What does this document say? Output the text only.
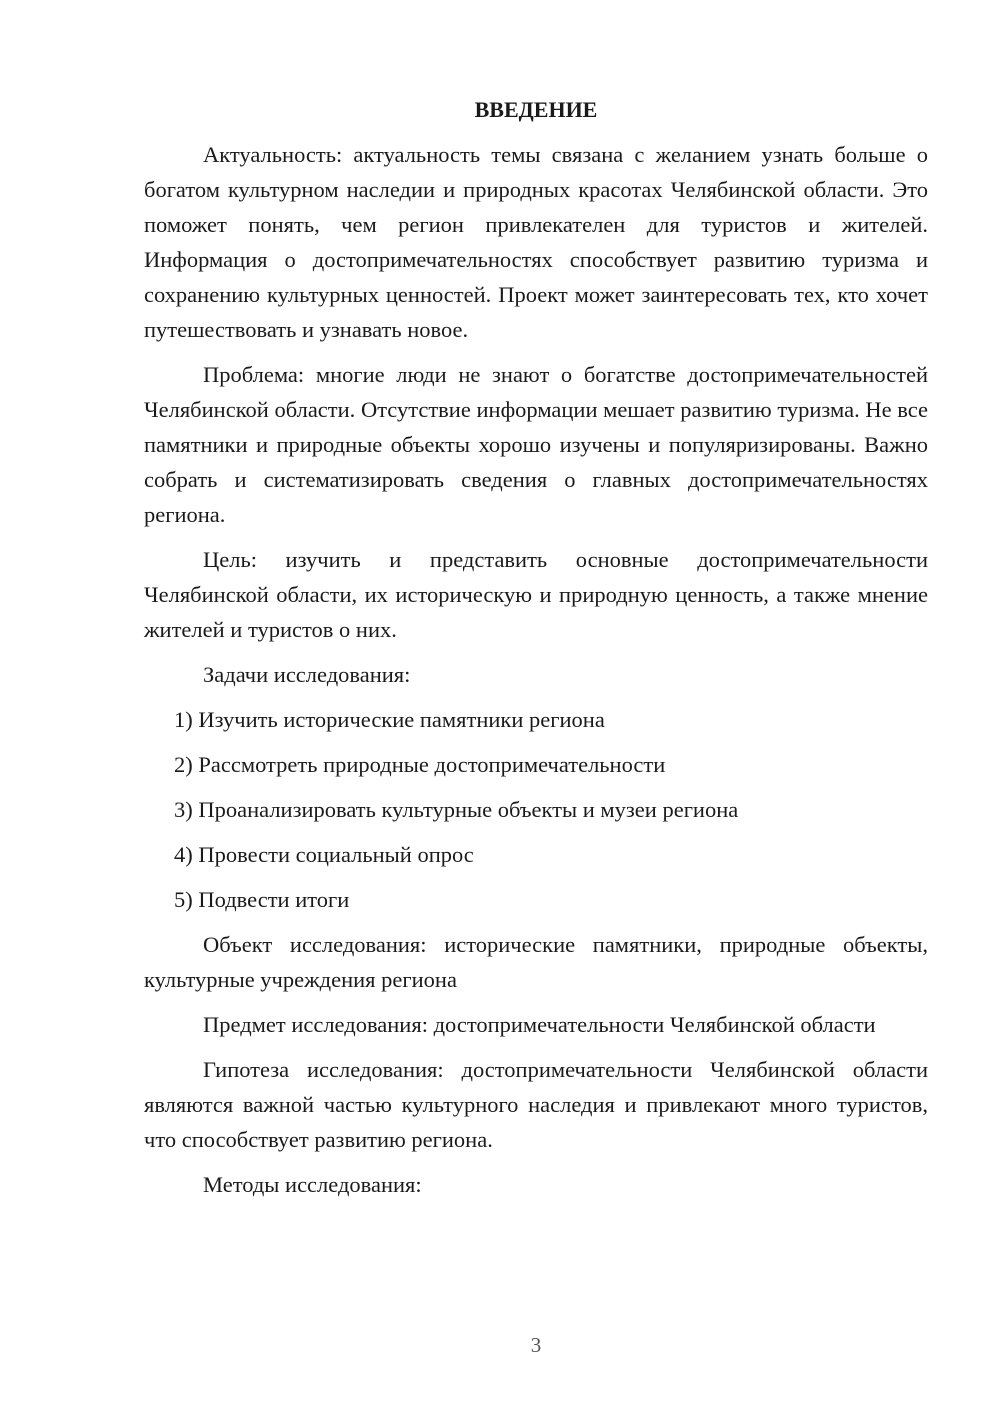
ВВЕДЕНИЕ

Актуальность: актуальность темы связана с желанием узнать больше о богатом культурном наследии и природных красотах Челябинской области. Это поможет понять, чем регион привлекателен для туристов и жителей. Информация о достопримечательностях способствует развитию туризма и сохранению культурных ценностей. Проект может заинтересовать тех, кто хочет путешествовать и узнавать новое.

Проблема: многие люди не знают о богатстве достопримечательностей Челябинской области. Отсутствие информации мешает развитию туризма. Не все памятники и природные объекты хорошо изучены и популяризированы. Важно собрать и систематизировать сведения о главных достопримечательностях региона.

Цель: изучить и представить основные достопримечательности Челябинской области, их историческую и природную ценность, а также мнение жителей и туристов о них.

Задачи исследования:

1) Изучить исторические памятники региона

2) Рассмотреть природные достопримечательности

3) Проанализировать культурные объекты и музеи региона

4) Провести социальный опрос

5) Подвести итоги

Объект исследования: исторические памятники, природные объекты, культурные учреждения региона

Предмет исследования: достопримечательности Челябинской области

Гипотеза исследования: достопримечательности Челябинской области являются важной частью культурного наследия и привлекают много туристов, что способствует развитию региона.

Методы исследования:

3
